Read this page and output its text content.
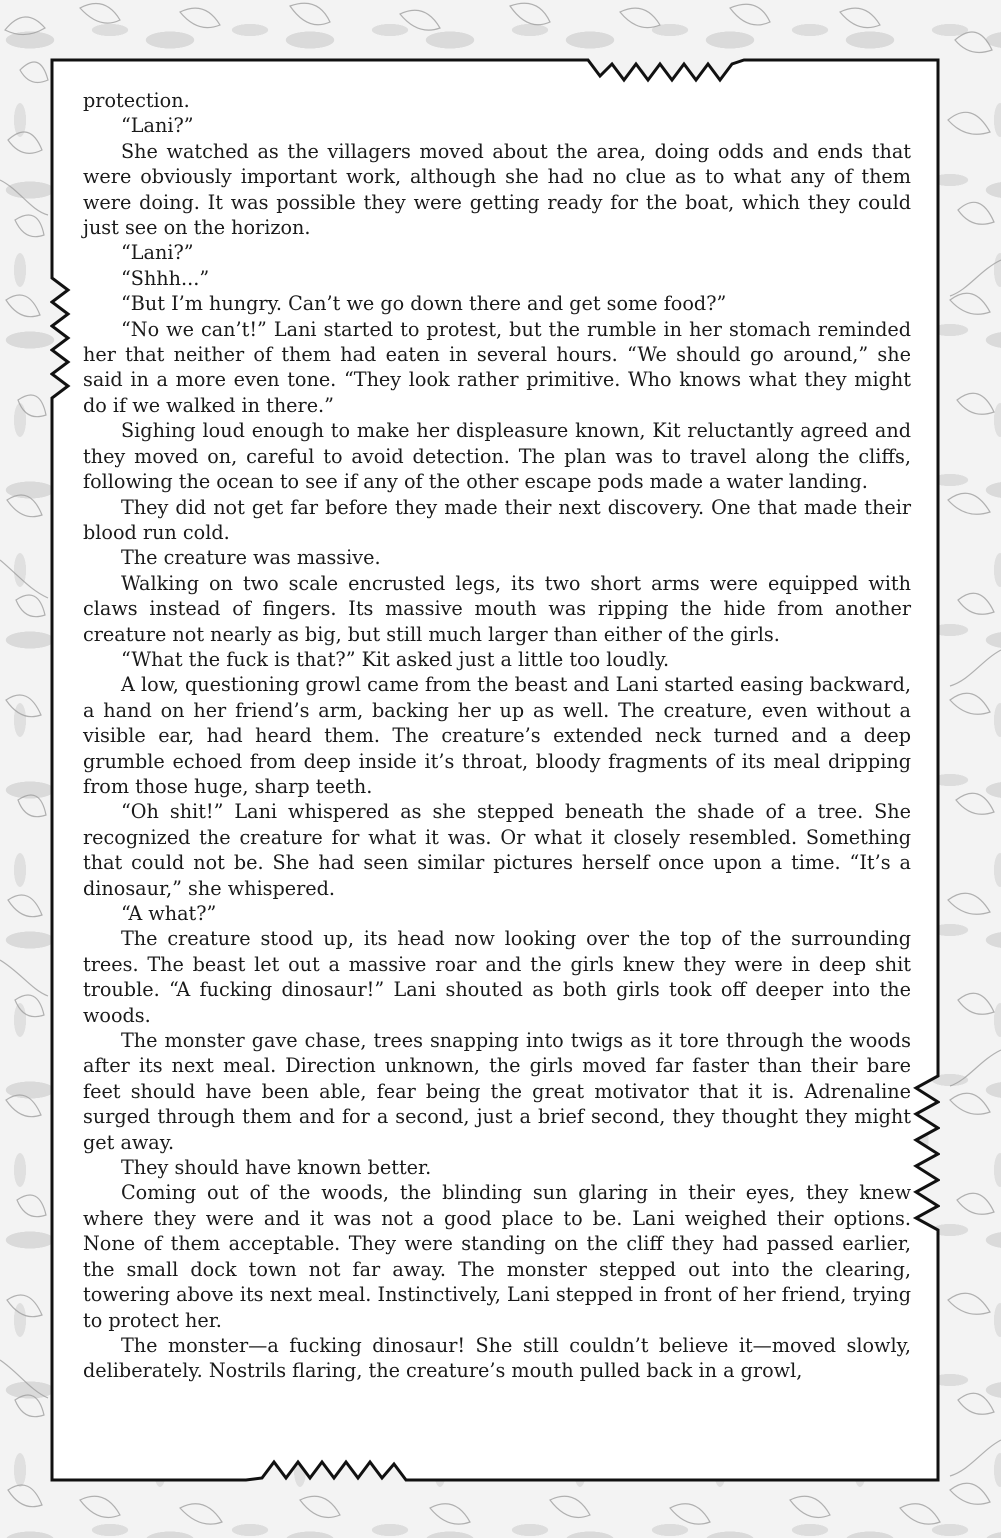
protection.

“Lani?”

She watched as the villagers moved about the area, doing odds and ends that were obviously important work, although she had no clue as to what any of them were doing. It was possible they were getting ready for the boat, which they could just see on the horizon.

“Lani?”

“Shhh...”

“But I’m hungry. Can’t we go down there and get some food?”

“No we can’t!” Lani started to protest, but the rumble in her stomach reminded her that neither of them had eaten in several hours. “We should go around,” she said in a more even tone. “They look rather primitive. Who knows what they might do if we walked in there.”

Sighing loud enough to make her displeasure known, Kit reluctantly agreed and they moved on, careful to avoid detection. The plan was to travel along the cliffs, following the ocean to see if any of the other escape pods made a water landing.

They did not get far before they made their next discovery. One that made their blood run cold.

The creature was massive.

Walking on two scale encrusted legs, its two short arms were equipped with claws instead of fingers. Its massive mouth was ripping the hide from another creature not nearly as big, but still much larger than either of the girls.

“What the fuck is that?” Kit asked just a little too loudly.

A low, questioning growl came from the beast and Lani started easing backward, a hand on her friend’s arm, backing her up as well. The creature, even without a visible ear, had heard them. The creature’s extended neck turned and a deep grumble echoed from deep inside it’s throat, bloody fragments of its meal dripping from those huge, sharp teeth.

“Oh shit!” Lani whispered as she stepped beneath the shade of a tree. She recognized the creature for what it was. Or what it closely resembled. Something that could not be. She had seen similar pictures herself once upon a time. “It’s a dinosaur,” she whispered.

“A what?”

The creature stood up, its head now looking over the top of the surrounding trees. The beast let out a massive roar and the girls knew they were in deep shit trouble. “A fucking dinosaur!” Lani shouted as both girls took off deeper into the woods.

The monster gave chase, trees snapping into twigs as it tore through the woods after its next meal. Direction unknown, the girls moved far faster than their bare feet should have been able, fear being the great motivator that it is. Adrenaline surged through them and for a second, just a brief second, they thought they might get away.

They should have known better.

Coming out of the woods, the blinding sun glaring in their eyes, they knew where they were and it was not a good place to be. Lani weighed their options. None of them acceptable. They were standing on the cliff they had passed earlier, the small dock town not far away. The monster stepped out into the clearing, towering above its next meal. Instinctively, Lani stepped in front of her friend, trying to protect her.

The monster—a fucking dinosaur! She still couldn’t believe it—moved slowly, deliberately. Nostrils flaring, the creature’s mouth pulled back in a growl,
